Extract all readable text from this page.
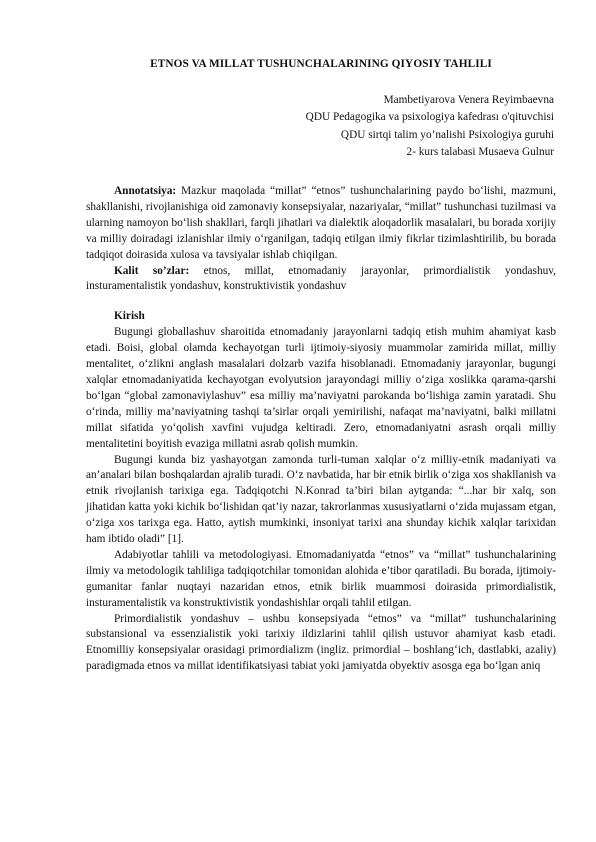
ETNOS VA MILLAT TUSHUNCHALARINING QIYOSIY TAHLILI
Mambetiyarova Venera Reyimbaevna
QDU Pedagogika va psixologiya kafedrası o'qituvchisi
QDU sirtqi talim yo’nalishi Psixologiya guruhi
2- kurs talabasi Musaeva Gulnur

Annotatsiya: Mazkur maqolada “millat” “etnos” tushunchalarining paydo bo‘lishi, mazmuni, shakllanishi, rivojlanishiga oid zamonaviy konsepsiyalar, nazariyalar, “millat” tushunchasi tuzilmasi va ularning namoyon bo‘lish shakllari, farqli jihatlari va dialektik aloqadorlik masalalari, bu borada xorijiy va milliy doiradagi izlanishlar ilmiy o‘rganilgan, tadqiq etilgan ilmiy fikrlar tizimlashtirilib, bu borada tadqiqot doirasida xulosa va tavsiyalar ishlab chiqilgan.

Kalit so’zlar: etnos, millat, etnomadaniy jarayonlar, primordialistik yondashuv, insturamentalistik yondashuv, konstruktivistik yondashuv

Kirish

Bugungi globallashuv sharoitida etnomadaniy jarayonlarni tadqiq etish muhim ahamiyat kasb etadi. Boisi, global olamda kechayotgan turli ijtimoiy-siyosiy muammolar zamirida millat, milliy mentalitet, o‘zlikni anglash masalalari dolzarb vazifa hisoblanadi. Etnomadaniy jarayonlar, bugungi xalqlar etnomadaniyatida kechayotgan evolyutsion jarayondagi milliy o‘ziga xoslikka qarama-qarshi bo‘lgan “global zamonaviylashuv” esa milliy ma’naviyatni parokanda bo‘lishiga zamin yaratadi. Shu o‘rinda, milliy ma’naviyatning tashqi ta’sirlar orqali yemirilishi, nafaqat ma’naviyatni, balki millatni millat sifatida yo‘qolish xavfini vujudga keltiradi. Zero, etnomadaniyatni asrash orqali milliy mentalitetini boyitish evaziga millatni asrab qolish mumkin.

Bugungi kunda biz yashayotgan zamonda turli-tuman xalqlar o‘z milliy-etnik madaniyati va an’analari bilan boshqalardan ajralib turadi. O‘z navbatida, har bir etnik birlik o‘ziga xos shakllanish va etnik rivojlanish tarixiga ega. Tadqiqotchi N.Konrad ta’biri bilan aytganda: “...har bir xalq, son jihatidan katta yoki kichik bo‘lishidan qat’iy nazar, takrorlanmas xususiyatlarni o‘zida mujassam etgan, o‘ziga xos tarixga ega. Hatto, aytish mumkinki, insoniyat tarixi ana shunday kichik xalqlar tarixidan ham ibtido oladi” [1].

Adabiyotlar tahlili va metodologiyasi. Etnomadaniyatda “etnos” va “millat” tushunchalarining ilmiy va metodologik tahliliga tadqiqotchilar tomonidan alohida e’tibor qaratiladi. Bu borada, ijtimoiy-gumanitar fanlar nuqtayi nazaridan etnos, etnik birlik muammosi doirasida primordialistik, insturamentalistik va konstruktivistik yondashishlar orqali tahlil etilgan.

Primordialistik yondashuv – ushbu konsepsiyada “etnos” va “millat” tushunchalarining substansional va essenzialistik yoki tarixiy ildizlarini tahlil qilish ustuvor ahamiyat kasb etadi. Etnomilliy konsepsiyalar orasidagi primordializm (ingliz. primordial – boshlang‘ich, dastlabki, azaliy) paradigmada etnos va millat identifikatsiyasi tabiat yoki jamiyatda obyektiv asosga ega bo‘lgan aniq
